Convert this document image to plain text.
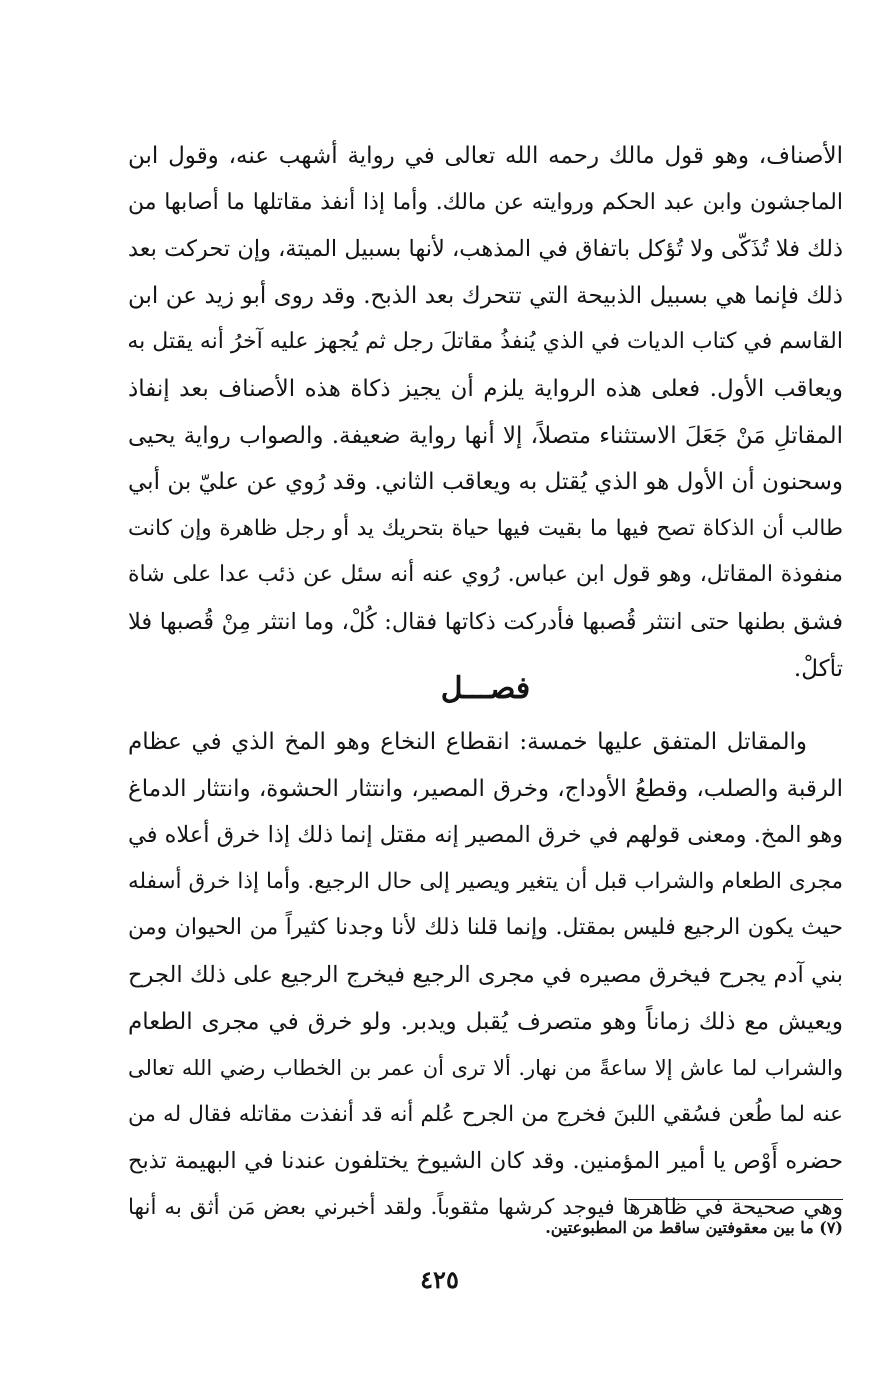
الأصناف، وهو قول مالك رحمه الله تعالى في رواية أشهب عنه، وقول ابن
الماجشون وابن عبد الحكم وروايته عن مالك. وأما إذا أنفذ مقاتلها ما أصابها من
ذلك فلا تُذَكّى ولا تُؤكل باتفاق في المذهب، لأنها بسبيل الميتة، وإن تحركت بعد
ذلك فإنما هي بسبيل الذبيحة التي تتحرك بعد الذبح. وقد روى أبو زيد عن ابن
القاسم في كتاب الديات في الذي يُنفذُ مقاتلَ رجل ثم يُجهز عليه آخرُ أنه يقتل به
ويعاقب الأول. فعلى هذه الرواية يلزم أن يجيز ذكاة هذه الأصناف بعد إنفاذ
المقاتلِ مَنْ جَعَلَ الاستثناء متصلاً، إلا أنها رواية ضعيفة. والصواب رواية يحيى
وسحنون أن الأول هو الذي يُقتل به ويعاقب الثاني. وقد رُوي عن عليّ بن أبي
طالب أن الذكاة تصح فيها ما بقيت فيها حياة بتحريك يد أو رجل ظاهرة وإن كانت
منفوذة المقاتل، وهو قول ابن عباس. رُوي عنه أنه سئل عن ذئب عدا على شاة
فشق بطنها حتى انتثر قُصبها فأدركت ذكاتها فقال: كُلْ، وما انتثر مِنْ قُصبها فلا
تأكلْ.
فصـــل
والمقاتل المتفق عليها خمسة: انقطاع النخاع وهو المخ الذي في عظام
الرقبة والصلب، وقطعُ الأوداج، وخرق المصير، وانتثار الحشوة، وانتثار الدماغ
وهو المخ. ومعنى قولهم في خرق المصير إنه مقتل إنما ذلك إذا خرق أعلاه في
مجرى الطعام والشراب قبل أن يتغير ويصير إلى حال الرجيع. وأما إذا خرق أسفله
حيث يكون الرجيع فليس بمقتل. وإنما قلنا ذلك لأنا وجدنا كثيراً من الحيوان ومن
بني آدم يجرح فيخرق مصيره في مجرى الرجيع فيخرج الرجيع على ذلك الجرح
ويعيش مع ذلك زماناً وهو متصرف يُقبل ويدبر. ولو خرق في مجرى الطعام
والشراب لما عاش إلا ساعةً من نهار. ألا ترى أن عمر بن الخطاب رضي الله تعالى
عنه لما طُعن فسُقي اللبنَ فخرج من الجرح عُلم أنه قد أنفذت مقاتله فقال له من
حضره أَوْص يا أمير المؤمنين. وقد كان الشيوخ يختلفون عندنا في البهيمة تذبح
وهي صحيحة في ظاهرها فيوجد كرشها مثقوباً. ولقد أخبرني بعض مَن أثق به أنها
(٧) ما بين معقوفتين ساقط من المطبوعتين.
٤٢٥
